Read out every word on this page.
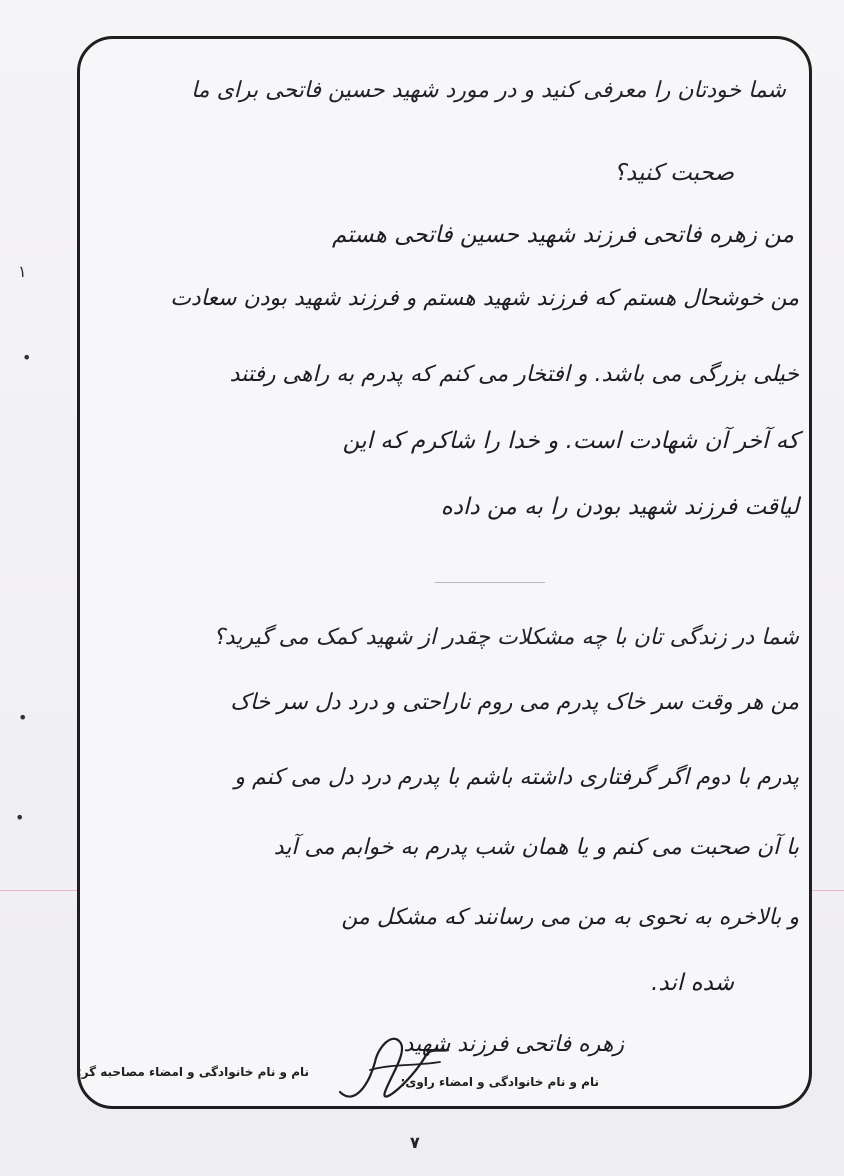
۱
•
•
•
شما خودتان را معرفی کنید و در مورد شهید حسین فاتحی برای ما
صحبت کنید؟
من زهره فاتحی فرزند شهید حسین فاتحی هستم
من خوشحال هستم که فرزند شهید هستم و فرزند شهید بودن سعادت
خیلی بزرگی می باشد. و افتخار می کنم که پدرم به راهی رفتند
که آخر آن شهادت است. و خدا را شاکرم که این
لیاقت فرزند شهید بودن را به من داده
شما در زندگی تان با چه مشکلات چقدر از شهید کمک می گیرید؟
من هر وقت سر خاک پدرم می روم ناراحتی و درد دل سر خاک
پدرم با دوم اگر گرفتاری داشته باشم با پدرم درد دل می کنم و
با آن صحبت می کنم و یا همان شب پدرم به خوابم می آید
و بالاخره به نحوی به من می رسانند که مشکل من
شده اند.
زهره فاتحی فرزند شهید
نام و نام خانوادگی و امضاء راوی:
نام و نام خانوادگی و امضاء مصاحبه گر:
۷
